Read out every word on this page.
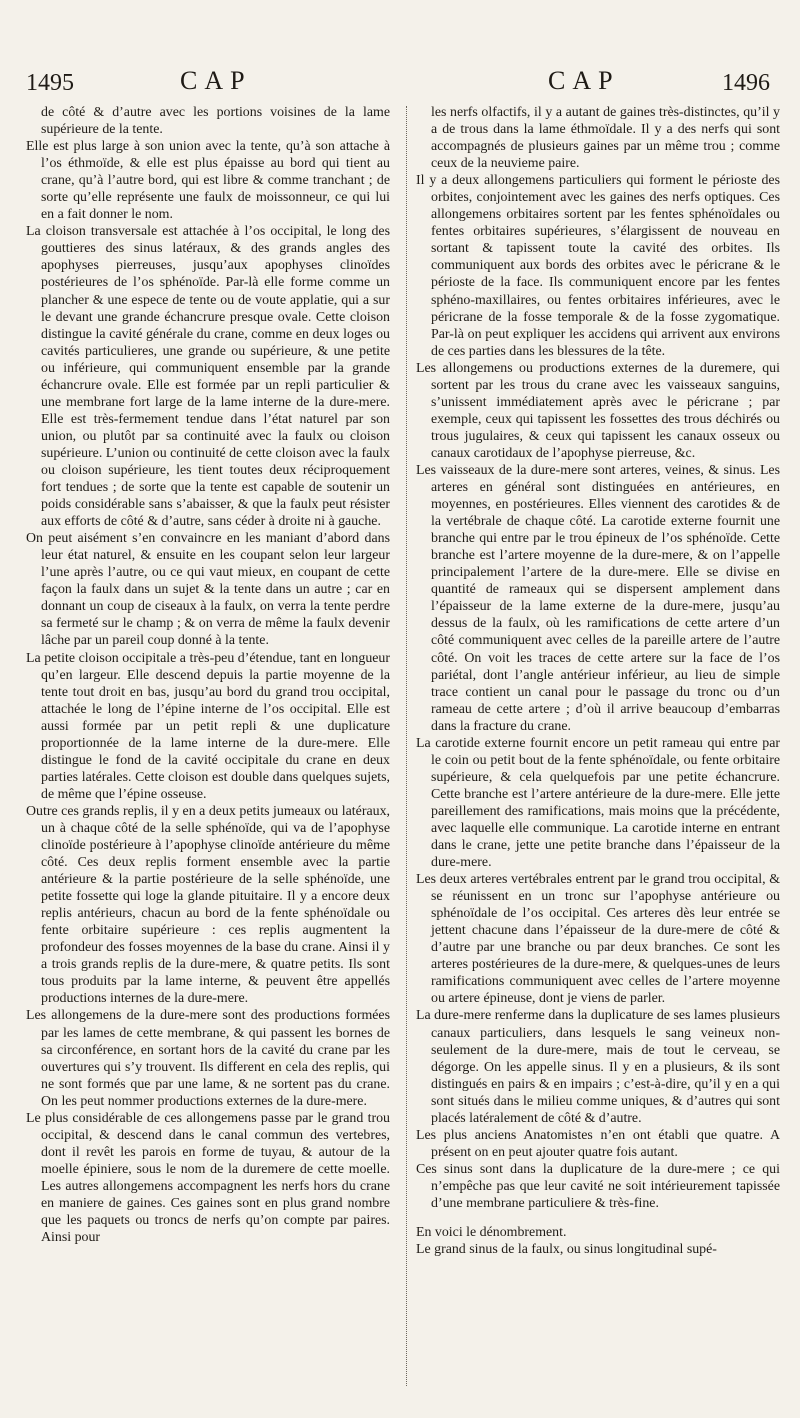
1495	CAP	CAP	1496

de côté & d’autre avec les portions voisines de la lame supérieure de la tente.

Elle est plus large à son union avec la tente, qu’à son attache à l’os éthmoïde, & elle est plus épaisse au bord qui tient au crane, qu’à l’autre bord, qui est libre & comme tranchant ; de sorte qu’elle représente une faulx de moissonneur, ce qui lui en a fait donner le nom.

La cloison transversale est attachée à l’os occipital, le long des gouttieres des sinus latéraux, & des grands angles des apophyses pierreuses, jusqu’aux apophyses clinoïdes postérieures de l’os sphénoïde. Par-là elle forme comme un plancher & une espece de tente ou de voute applatie, qui a sur le devant une grande échancrure presque ovale. Cette cloison distingue la cavité générale du crane, comme en deux loges ou cavités particulieres, une grande ou supérieure, & une petite ou inférieure, qui communiquent ensemble par la grande échancrure ovale. Elle est formée par un repli particulier & une membrane fort large de la lame interne de la dure-mere. Elle est très-fermement tendue dans l’état naturel par son union, ou plutôt par sa continuité avec la faulx ou cloison supérieure. L’union ou continuité de cette cloison avec la faulx ou cloison supérieure, les tient toutes deux réciproquement fort tendues ; de sorte que la tente est capable de soutenir un poids considérable sans s’abaisser, & que la faulx peut résister aux efforts de côté & d’autre, sans céder à droite ni à gauche.

On peut aisément s’en convaincre en les maniant d’abord dans leur état naturel, & ensuite en les coupant selon leur largeur l’une après l’autre, ou ce qui vaut mieux, en coupant de cette façon la faulx dans un sujet & la tente dans un autre ; car en donnant un coup de ciseaux à la faulx, on verra la tente perdre sa fermeté sur le champ ; & on verra de même la faulx devenir lâche par un pareil coup donné à la tente.

La petite cloison occipitale a très-peu d’étendue, tant en longueur qu’en largeur. Elle descend depuis la partie moyenne de la tente tout droit en bas, jusqu’au bord du grand trou occipital, attachée le long de l’épine interne de l’os occipital. Elle est aussi formée par un petit repli & une duplicature proportionnée de la lame interne de la dure-mere. Elle distingue le fond de la cavité occipitale du crane en deux parties latérales. Cette cloison est double dans quelques sujets, de même que l’épine osseuse.

Outre ces grands replis, il y en a deux petits jumeaux ou latéraux, un à chaque côté de la selle sphénoïde, qui va de l’apophyse clinoïde postérieure à l’apophyse clinoïde antérieure du même côté. Ces deux replis forment ensemble avec la partie antérieure & la partie postérieure de la selle sphénoïde, une petite fossette qui loge la glande pituitaire. Il y a encore deux replis antérieurs, chacun au bord de la fente sphénoïdale ou fente orbitaire supérieure : ces replis augmentent la profondeur des fosses moyennes de la base du crane. Ainsi il y a trois grands replis de la dure-mere, & quatre petits. Ils sont tous produits par la lame interne, & peuvent être appellés productions internes de la dure-mere.

Les allongemens de la dure-mere sont des productions formées par les lames de cette membrane, & qui passent les bornes de sa circonférence, en sortant hors de la cavité du crane par les ouvertures qui s’y trouvent. Ils different en cela des replis, qui ne sont formés que par une lame, & ne sortent pas du crane. On les peut nommer productions externes de la dure-mere.

Le plus considérable de ces allongemens passe par le grand trou occipital, & descend dans le canal commun des vertebres, dont il revêt les parois en forme de tuyau, & autour de la moelle épiniere, sous le nom de la duremere de cette moelle. Les autres allongemens accompagnent les nerfs hors du crane en maniere de gaines. Ces gaines sont en plus grand nombre que les paquets ou troncs de nerfs qu’on compte par paires. Ainsi pour

les nerfs olfactifs, il y a autant de gaines très-distinctes, qu’il y a de trous dans la lame éthmoïdale. Il y a des nerfs qui sont accompagnés de plusieurs gaines par un même trou ; comme ceux de la neuvieme paire.

Il y a deux allongemens particuliers qui forment le périoste des orbites, conjointement avec les gaines des nerfs optiques. Ces allongemens orbitaires sortent par les fentes sphénoïdales ou fentes orbitaires supérieures, s’élargissent de nouveau en sortant & tapissent toute la cavité des orbites. Ils communiquent aux bords des orbites avec le péricrane & le périoste de la face. Ils communiquent encore par les fentes sphéno-maxillaires, ou fentes orbitaires inférieures, avec le péricrane de la fosse temporale & de la fosse zygomatique. Par-là on peut expliquer les accidens qui arrivent aux environs de ces parties dans les blessures de la tête.

Les allongemens ou productions externes de la duremere, qui sortent par les trous du crane avec les vaisseaux sanguins, s’unissent immédiatement après avec le péricrane ; par exemple, ceux qui tapissent les fossettes des trous déchirés ou trous jugulaires, & ceux qui tapissent les canaux osseux ou canaux carotidaux de l’apophyse pierreuse, &c.

Les vaisseaux de la dure-mere sont arteres, veines, & sinus. Les arteres en général sont distinguées en antérieures, en moyennes, en postérieures. Elles viennent des carotides & de la vertébrale de chaque côté. La carotide externe fournit une branche qui entre par le trou épineux de l’os sphénoïde. Cette branche est l’artere moyenne de la dure-mere, & on l’appelle principalement l’artere de la dure-mere. Elle se divise en quantité de rameaux qui se dispersent amplement dans l’épaisseur de la lame externe de la dure-mere, jusqu’au dessus de la faulx, où les ramifications de cette artere d’un côté communiquent avec celles de la pareille artere de l’autre côté. On voit les traces de cette artere sur la face de l’os pariétal, dont l’angle antérieur inférieur, au lieu de simple trace contient un canal pour le passage du tronc ou d’un rameau de cette artere ; d’où il arrive beaucoup d’embarras dans la fracture du crane.

La carotide externe fournit encore un petit rameau qui entre par le coin ou petit bout de la fente sphénoïdale, ou fente orbitaire supérieure, & cela quelquefois par une petite échancrure. Cette branche est l’artere antérieure de la dure-mere. Elle jette pareillement des ramifications, mais moins que la précédente, avec laquelle elle communique. La carotide interne en entrant dans le crane, jette une petite branche dans l’épaisseur de la dure-mere.

Les deux arteres vertébrales entrent par le grand trou occipital, & se réunissent en un tronc sur l’apophyse antérieure ou sphénoïdale de l’os occipital. Ces arteres dès leur entrée se jettent chacune dans l’épaisseur de la dure-mere de côté & d’autre par une branche ou par deux branches. Ce sont les arteres postérieures de la dure-mere, & quelques-unes de leurs ramifications communiquent avec celles de l’artere moyenne ou artere épineuse, dont je viens de parler.

La dure-mere renferme dans la duplicature de ses lames plusieurs canaux particuliers, dans lesquels le sang veineux non-seulement de la dure-mere, mais de tout le cerveau, se dégorge. On les appelle sinus. Il y en a plusieurs, & ils sont distingués en pairs & en impairs ; c’est-à-dire, qu’il y en a qui sont situés dans le milieu comme uniques, & d’autres qui sont placés latéralement de côté & d’autre.

Les plus anciens Anatomistes n’en ont établi que quatre. A présent on en peut ajouter quatre fois autant.

Ces sinus sont dans la duplicature de la dure-mere ; ce qui n’empêche pas que leur cavité ne soit intérieurement tapissée d’une membrane particuliere & très-fine.

En voici le dénombrement.

Le grand sinus de la faulx, ou sinus longitudinal supé-
